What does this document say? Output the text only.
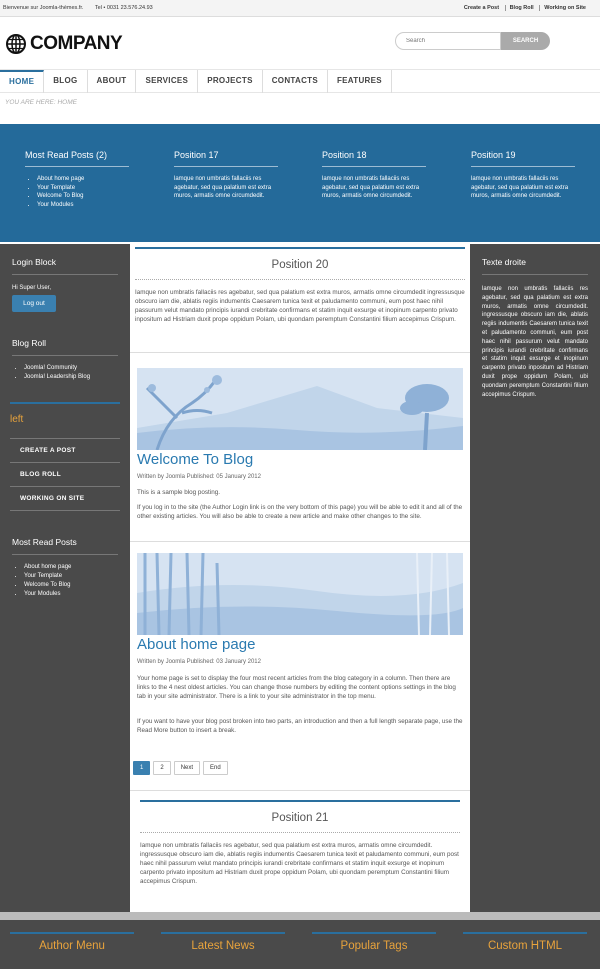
Bienvenue sur Joomla-thèmes.fr. Tel • 0031 23.576.24.93	Create a Post Blog Roll Working on Site
COMPANY
Search	SEARCH
HOME	BLOG	ABOUT	SERVICES	PROJECTS	CONTACTS	FEATURES
YOU ARE HERE: HOME
Most Read Posts (2)
• About home page
• Your Template
• Welcome To Blog
• Your Modules
Position 17

lamque non umbratis fallaciis res agebatur, sed qua palatium est extra muros, armatis omne circumdedit.

Position 18

lamque non umbratis fallaciis res agebatur, sed qua palatium est extra muros, armatis omne circumdedit.

Position 19

lamque non umbratis fallaciis res agebatur, sed qua palatium est extra muros, armatis omne circumdedit.

Login Block
Hi Super User,
Log out
Blog Roll
• Joomla! Community
• Joomla! Leadership Blog
left
CREATE A POST
BLOG ROLL
WORKING ON SITE
Most Read Posts
• About home page
• Your Template
• Welcome To Blog
• Your Modules
Position 20

Iamque non umbratis fallaciis res agebatur, sed qua palatium est extra muros, armatis omne circumdedit ingressusque obscuro iam die, ablatis regiis indumentis Caesarem tunica texit et paludamento communi, eum post haec nihil passurum velut mandato principis iurandi crebritate confirmans et statim inquit exsurge et inopinum carpento privato inpositum ad Histriam duxit prope oppidum Polam, ubi quondam peremptum Constantini filium accepimus Crispum.

Welcome To Blog
Written by Joomla Published: 05 January 2012
This is a sample blog posting.
If you log in to the site (the Author Login link is on the very bottom of this page) you will be able to edit it and all of the other existing articles. You will also be able to create a new article and make other changes to the site.
About home page
Written by Joomla Published: 03 January 2012
Your home page is set to display the four most recent articles from the blog category in a column. Then there are links to the 4 nest oldest articles. You can change those numbers by editing the content options settings in the blog tab in your site administrator. There is a link to your site administrator in the top menu.
If you want to have your blog post broken into two parts, an introduction and then a full length separate page, use the Read More button to insert a break.
1	2	Next	End
Position 21

Iamque non umbratis fallaciis res agebatur, sed qua palatium est extra muros, armatis omne circumdedit. ingressusque obscuro iam die, ablatis regiis indumentis Caesarem tunica texit et paludamento communi, eum post haec nihil passurum velut mandato principis iurandi crebritate confirmans et statim inquit exsurge et inopinum carpento privato inpositum ad Histriam duxit prope oppidum Polam, ubi quondam peremptum Constantini filium accepimus Crispum.

Texte droite

lamque non umbratis fallaciis res agebatur, sed qua palatium est extra muros, armatis omne circumdedit. ingressusque obscuro iam die, ablatis regiis indumentis Caesarem tunica texit et paludamento communi, eum post haec nihil passurum velut mandato principis iurandi crebritate confirmans et statim inquit exsurge et inopinum carpento privato inpositum ad Histriam duxit prope oppidum Polam, ubi quondam peremptum Constantini filium accepimus Crispum.

Author Menu	Latest News	Popular Tags	Custom HTML
